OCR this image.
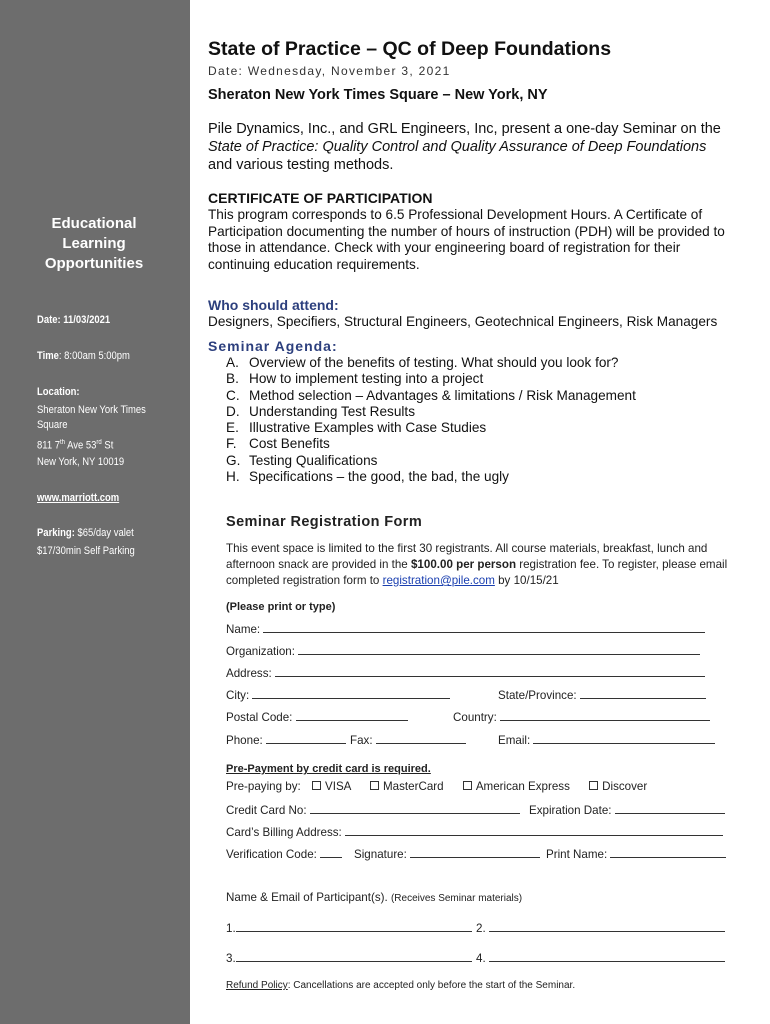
Educational
Learning
Opportunities
Date: 11/03/2021
Time: 8:00am 5:00pm
Location:
Sheraton New York Times
Square
811 7th Ave 53rd St
New York, NY 10019
www.marriott.com
Parking: $65/day valet
$17/30min Self Parking
State of Practice – QC of Deep Foundations
Date: Wednesday, November 3, 2021
Sheraton New York Times Square – New York, NY
Pile Dynamics, Inc., and GRL Engineers, Inc, present a one-day Seminar on the State of Practice: Quality Control and Quality Assurance of Deep Foundations and various testing methods.
CERTIFICATE OF PARTICIPATION
This program corresponds to 6.5 Professional Development Hours. A Certificate of Participation documenting the number of hours of instruction (PDH) will be provided to those in attendance. Check with your engineering board of registration for their continuing education requirements.
Who should attend:
Designers, Specifiers, Structural Engineers, Geotechnical Engineers, Risk Managers
Seminar Agenda:
A. Overview of the benefits of testing. What should you look for?
B. How to implement testing into a project
C. Method selection – Advantages & limitations / Risk Management
D. Understanding Test Results
E. Illustrative Examples with Case Studies
F. Cost Benefits
G. Testing Qualifications
H. Specifications – the good, the bad, the ugly
Seminar Registration Form
This event space is limited to the first 30 registrants. All course materials, breakfast, lunch and afternoon snack are provided in the $100.00 per person registration fee. To register, please email completed registration form to registration@pile.com by 10/15/21
(Please print or type)
Name:
Organization:
Address:
City:	State/Province:
Postal Code:	Country:
Phone:	Fax:	Email:
Pre-Payment by credit card is required.
Pre-paying by: VISA	MasterCard	American Express	Discover
Credit Card No:	Expiration Date:
Card’s Billing Address:
Verification Code:	Signature:	Print Name:
Name & Email of Participant(s). (Receives Seminar materials)
1.	2.
3.	4.
Refund Policy: Cancellations are accepted only before the start of the Seminar.
